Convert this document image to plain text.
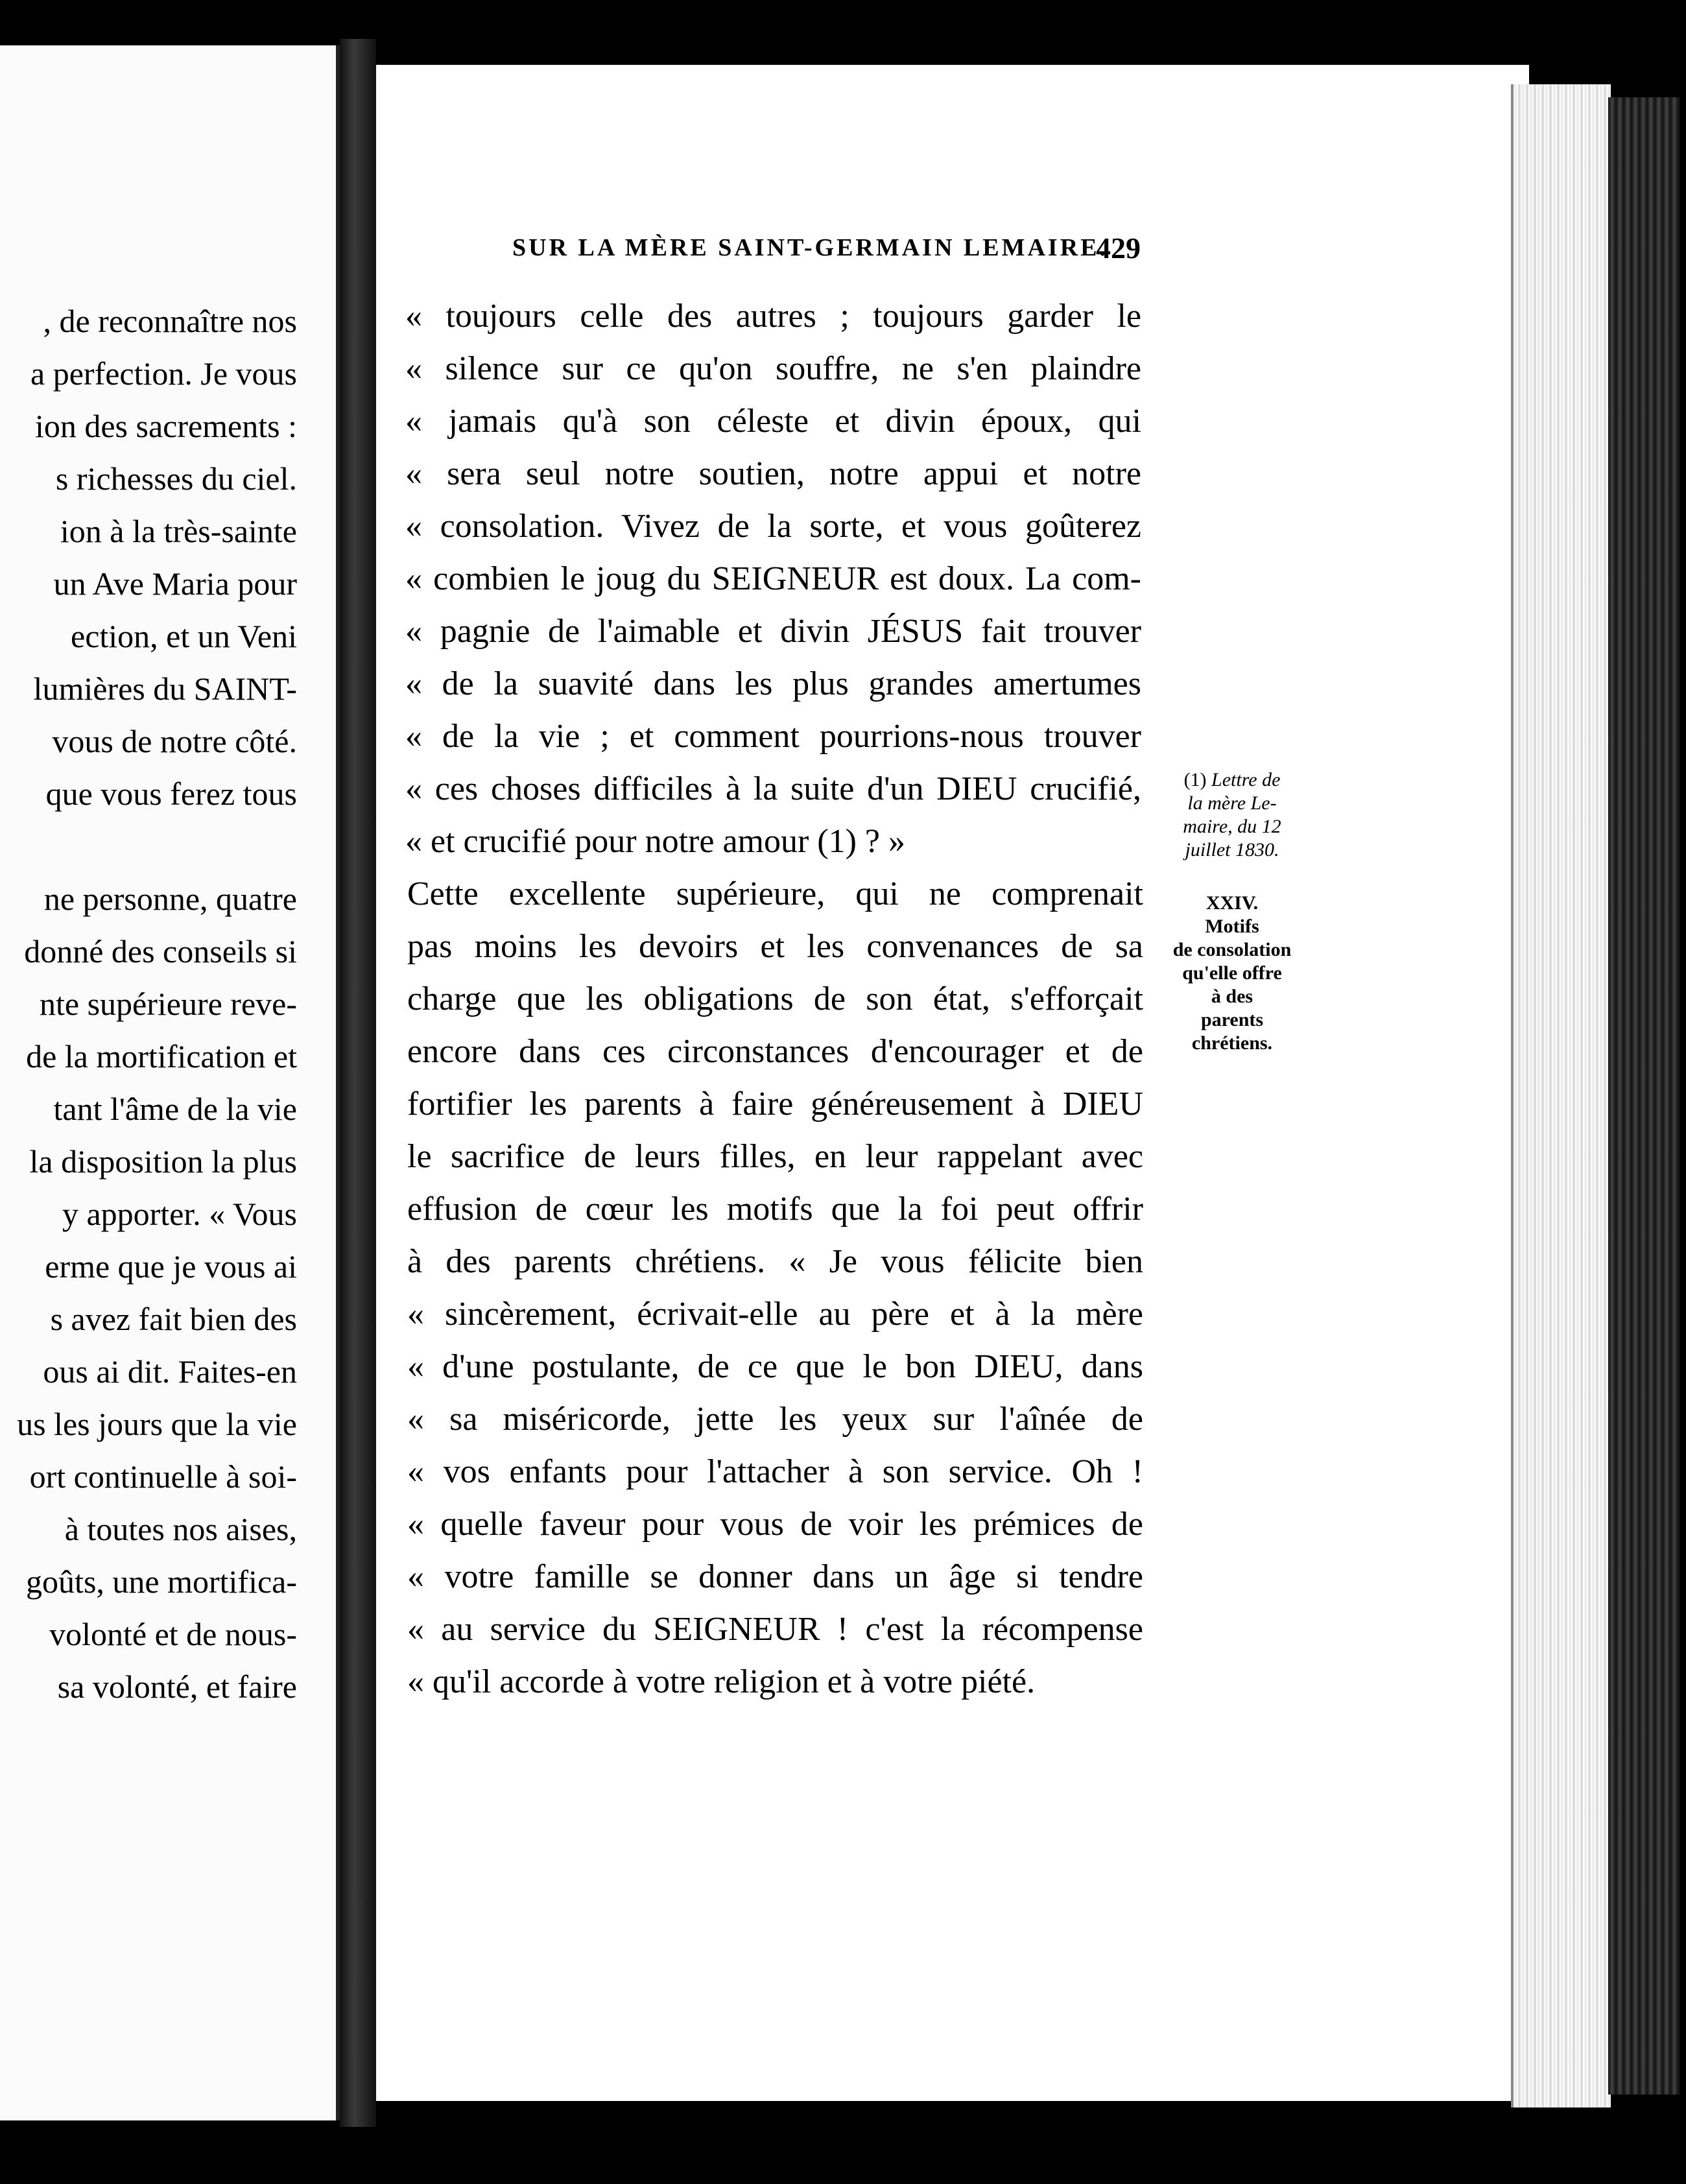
, de reconnaître nos
a perfection. Je vous
ion des sacrements :
s richesses du ciel.
ion à la très-sainte
un Ave Maria pour
ection, et un Veni
lumières du SAINT-
vous de notre côté.
que vous ferez tous
ne personne, quatre
donné des conseils si
nte supérieure reve-
de la mortification et
tant l'âme de la vie
la disposition la plus
y apporter. « Vous
erme que je vous ai
s avez fait bien des
ous ai dit. Faites-en
us les jours que la vie
ort continuelle à soi-
à toutes nos aises,
goûts, une mortifica-
volonté et de nous-
sa volonté, et faire
SUR LA MÈRE SAINT-GERMAIN LEMAIRE.
429
« toujours celle des autres ; toujours garder le
« silence sur ce qu'on souffre, ne s'en plaindre
« jamais qu'à son céleste et divin époux, qui
« sera seul notre soutien, notre appui et notre
« consolation. Vivez de la sorte, et vous goûterez
« combien le joug du SEIGNEUR est doux. La com-
« pagnie de l'aimable et divin JÉSUS fait trouver
« de la suavité dans les plus grandes amertumes
« de la vie ; et comment pourrions-nous trouver
« ces choses difficiles à la suite d'un DIEU crucifié,
« et crucifié pour notre amour (1) ? »
Cette excellente supérieure, qui ne comprenait
pas moins les devoirs et les convenances de sa
charge que les obligations de son état, s'efforçait
encore dans ces circonstances d'encourager et de
fortifier les parents à faire généreusement à DIEU
le sacrifice de leurs filles, en leur rappelant avec
effusion de cœur les motifs que la foi peut offrir
à des parents chrétiens. « Je vous félicite bien
« sincèrement, écrivait-elle au père et à la mère
« d'une postulante, de ce que le bon DIEU, dans
« sa miséricorde, jette les yeux sur l'aînée de
« vos enfants pour l'attacher à son service. Oh !
« quelle faveur pour vous de voir les prémices de
« votre famille se donner dans un âge si tendre
« au service du SEIGNEUR ! c'est la récompense
« qu'il accorde à votre religion et à votre piété.
(1) Lettre de
la mère Le-
maire, du 12
juillet 1830.
XXIV.
Motifs
de consolation
qu'elle offre
à des
parents
chrétiens.
